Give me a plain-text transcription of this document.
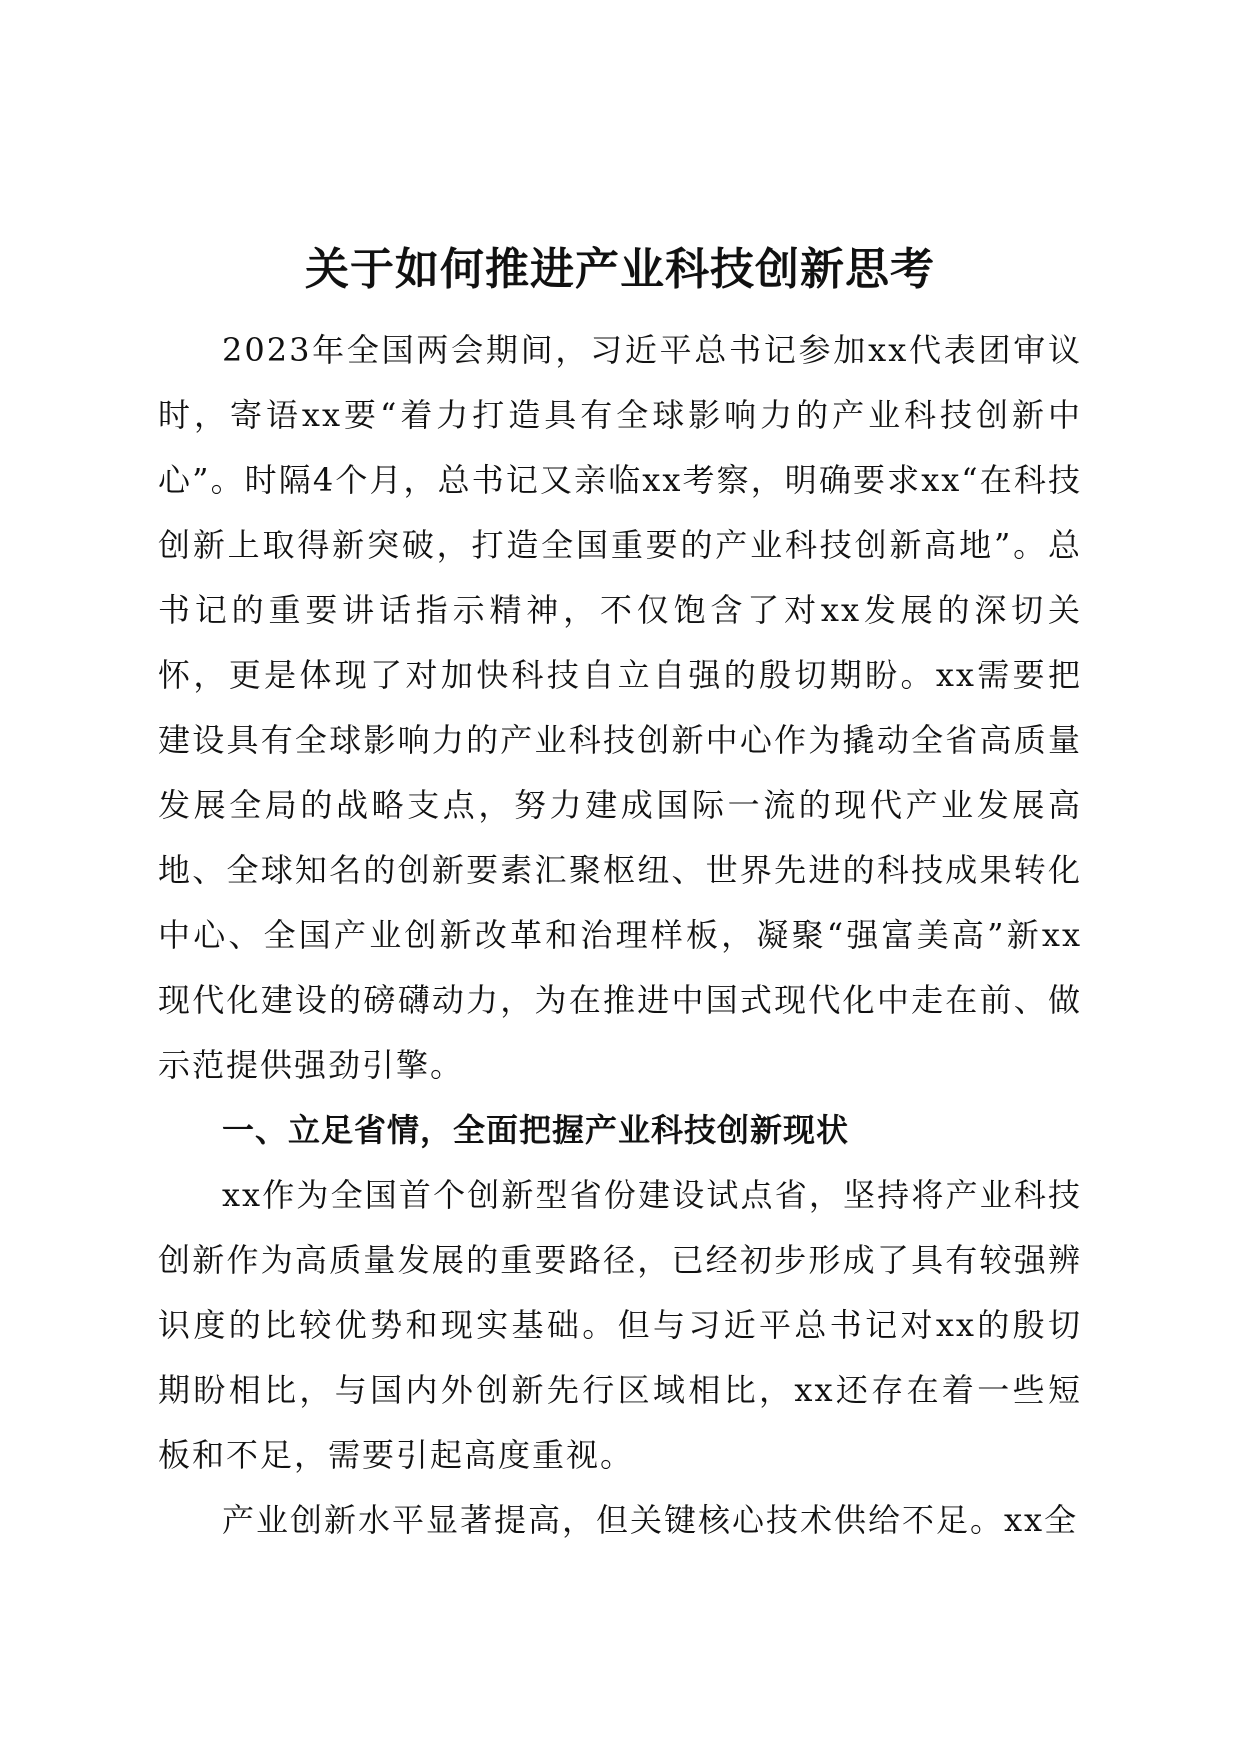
关于如何推进产业科技创新思考

2023年全国两会期间，习近平总书记参加xx代表团审议时，寄语xx要“着力打造具有全球影响力的产业科技创新中心”。时隔4个月，总书记又亲临xx考察，明确要求xx“在科技创新上取得新突破，打造全国重要的产业科技创新高地”。总书记的重要讲话指示精神，不仅饱含了对xx发展的深切关怀，更是体现了对加快科技自立自强的殷切期盼。xx需要把建设具有全球影响力的产业科技创新中心作为撬动全省高质量发展全局的战略支点，努力建成国际一流的现代产业发展高地、全球知名的创新要素汇聚枢纽、世界先进的科技成果转化中心、全国产业创新改革和治理样板，凝聚“强富美高”新xx现代化建设的磅礴动力，为在推进中国式现代化中走在前、做示范提供强劲引擎。

一、立足省情，全面把握产业科技创新现状

xx作为全国首个创新型省份建设试点省，坚持将产业科技创新作为高质量发展的重要路径，已经初步形成了具有较强辨识度的比较优势和现实基础。但与习近平总书记对xx的殷切期盼相比，与国内外创新先行区域相比，xx还存在着一些短板和不足，需要引起高度重视。

产业创新水平显著提高，但关键核心技术供给不足。xx全
